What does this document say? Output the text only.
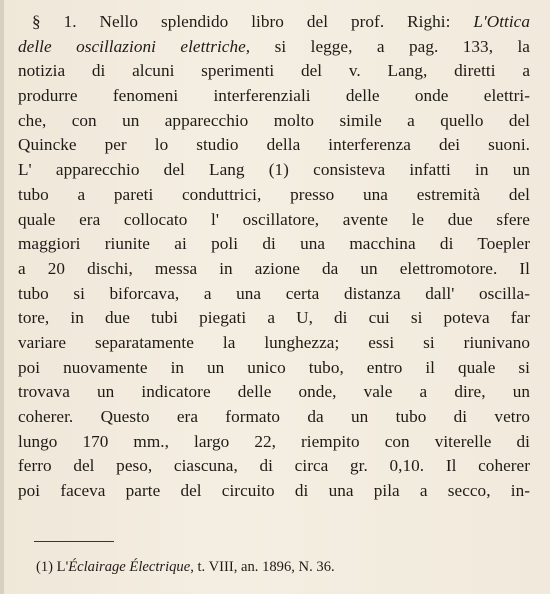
§ 1. Nello splendido libro del prof. Righi: L'Ottica
delle oscillazioni elettriche, si legge, a pag. 133, la
notizia di alcuni sperimenti del v. Lang, diretti a
produrre fenomeni interferenziali delle onde elettri-
che, con un apparecchio molto simile a quello del
Quincke per lo studio della interferenza dei suoni.
L' apparecchio del Lang (1) consisteva infatti in un
tubo a pareti conduttrici, presso una estremità del
quale era collocato l' oscillatore, avente le due sfere
maggiori riunite ai poli di una macchina di Toepler
a 20 dischi, messa in azione da un elettromotore. Il
tubo si biforcava, a una certa distanza dall' oscilla-
tore, in due tubi piegati a U, di cui si poteva far
variare separatamente la lunghezza; essi si riunivano
poi nuovamente in un unico tubo, entro il quale si
trovava un indicatore delle onde, vale a dire, un
coherer. Questo era formato da un tubo di vetro
lungo 170 mm., largo 22, riempito con viterelle di
ferro del peso, ciascuna, di circa gr. 0,10. Il coherer
poi faceva parte del circuito di una pila a secco, in-
(1) L'Éclairage Électrique, t. VIII, an. 1896, N. 36.
